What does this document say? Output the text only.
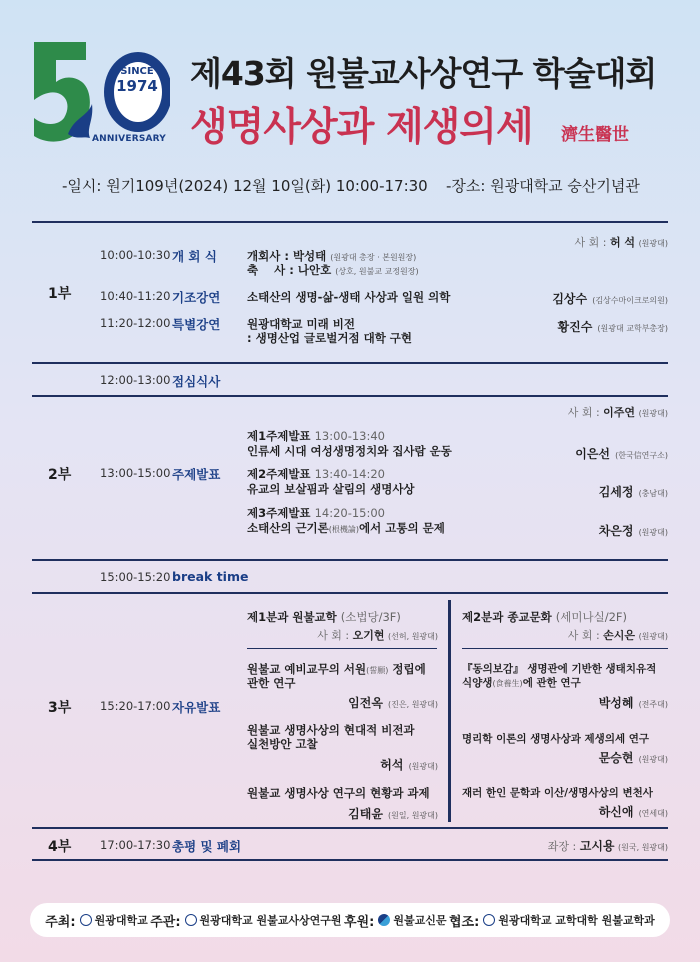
SINCE
1974
ANNIVERSARY
제43회 원불교사상연구 학술대회
생명사상과 제생의세 濟生醫世
-일시: 원기109년(2024) 12월 10일(화) 10:00-17:30 -장소: 원광대학교 숭산기념관
사 회 : 허 석 (원광대)
1부
10:00-10:30 개 회 식	개회사 : 박성태 (원광대 총장 · 본원원장)
축    사 : 나안호 (상호, 원불교 교정원장)
10:40-11:20 기조강연 소태산의 생명-삶-생태 사상과 일원 의학	김상수 (김상수마이크로의원)
11:20-12:00 특별강연 원광대학교 미래 비전
: 생명산업 글로벌거점 대학 구현
황진수 (원광대 교학부총장)
12:00-13:00 점심식사
사 회 : 이주연 (원광대)
2부 13:00-15:00 주제발표
제1주제발표 13:00-13:40
인류세 시대 여성생명정치와 집사람 운동	이은선 (한국信연구소)
제2주제발표 13:40-14:20
유교의 보살핌과 살림의 생명사상	김세정 (충남대)
제3주제발표 14:20-15:00
소태산의 근기론(根機論)에서 고통의 문제	차은정 (원광대)
15:00-15:20 break time
3부 15:20-17:00 자유발표
제1분과 원불교학 (소법당/3F)
사 회 : 오기현 (선허, 원광대)
원불교 예비교무의 서원(誓願) 정립에
관한 연구
임전옥 (진은, 원광대)
원불교 생명사상의 현대적 비전과
실천방안 고찰
허석 (원광대)
원불교 생명사상 연구의 현황과 과제
김태윤 (원일, 원광대)
제2분과 종교문화 (세미나실/2F)
사 회 : 손시은 (원광대)
『동의보감』 생명관에 기반한 생태치유적
식양생(食養生)에 관한 연구
박성혜 (전주대)
명리학 이론의 생명사상과 제생의세 연구
문승현 (원광대)
재러 한인 문학과 이산/생명사상의 변천사
하신애 (연세대)
4부 17:00-17:30 총평 및 폐회	좌장 : 고시용 (원국, 원광대)
주최: 원광대학교 주관: 원광대학교 원불교사상연구원 후원: 원불교신문 협조: 원광대학교 교학대학 원불교학과
